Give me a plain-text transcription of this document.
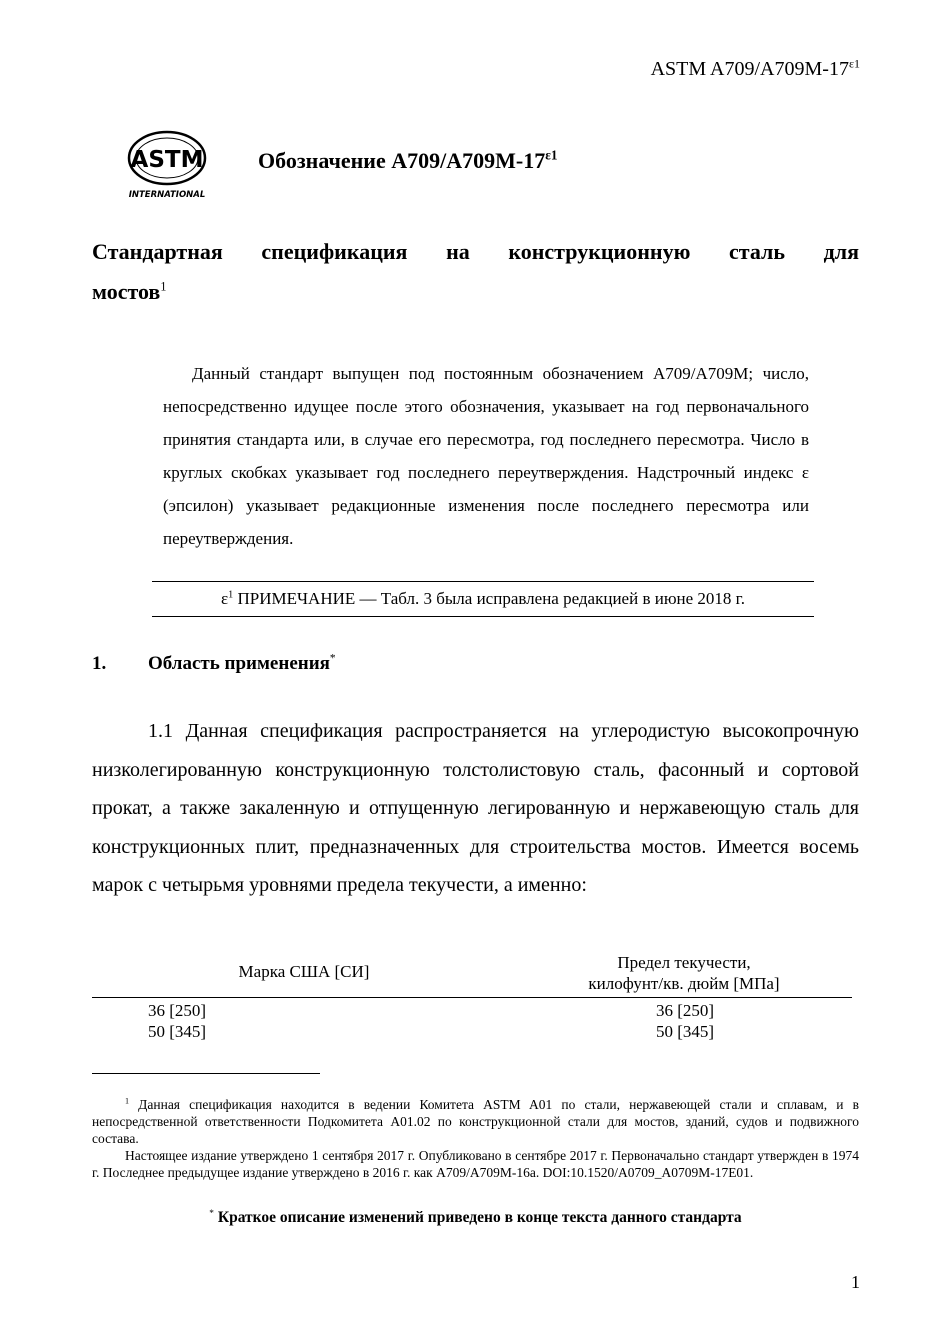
ASTM $A709/A709M-17^{\varepsilon 1}$
ASTM
INTERNATIONAL
Обозначение $A709/A709M-17^{\varepsilon 1}$
Стандартная спецификация на конструкционную сталь для
мостов$^1$
Данный стандарт выпущен под постоянным обозначением A709/A709M; число, непосредственно идущее после этого обозначения, указывает на год первоначального принятия стандарта или, в случае его пересмотра, год последнего пересмотра. Число в круглых скобках указывает год последнего переутверждения. Надстрочный индекс ε (эпсилон) указывает редакционные изменения после последнего пересмотра или переутверждения.
$\varepsilon^1$ ПРИМЕЧАНИЕ — Табл. 3 была исправлена редакцией в июне 2018 г.
1. Область применения*
1.1 Данная спецификация распространяется на углеродистую высокопрочную низколегированную конструкционную толстолистовую сталь, фасонный и сортовой прокат, а также закаленную и отпущенную легированную и нержавеющую сталь для конструкционных плит, предназначенных для строительства мостов. Имеется восемь марок с четырьмя уровнями предела текучести, а именно:
Марка США [СИ]	Предел текучести,
килофунт/кв. дюйм [МПа]
36 [250]	36 [250]
50 [345]	50 [345]

$^1$ Данная спецификация находится в ведении Комитета ASTM A01 по стали, нержавеющей стали и сплавам, и в непосредственной ответственности Подкомитета A01.02 по конструкционной стали для мостов, зданий, судов и подвижного состава.

Настоящее издание утверждено 1 сентября 2017 г. Опубликовано в сентябре 2017 г. Первоначально стандарт утвержден в 1974 г. Последнее предыдущее издание утверждено в 2016 г. как A709/A709M-16a. DOI:10.1520/A0709_A0709M-17E01.

* Краткое описание изменений приведено в конце текста данного стандарта
1
